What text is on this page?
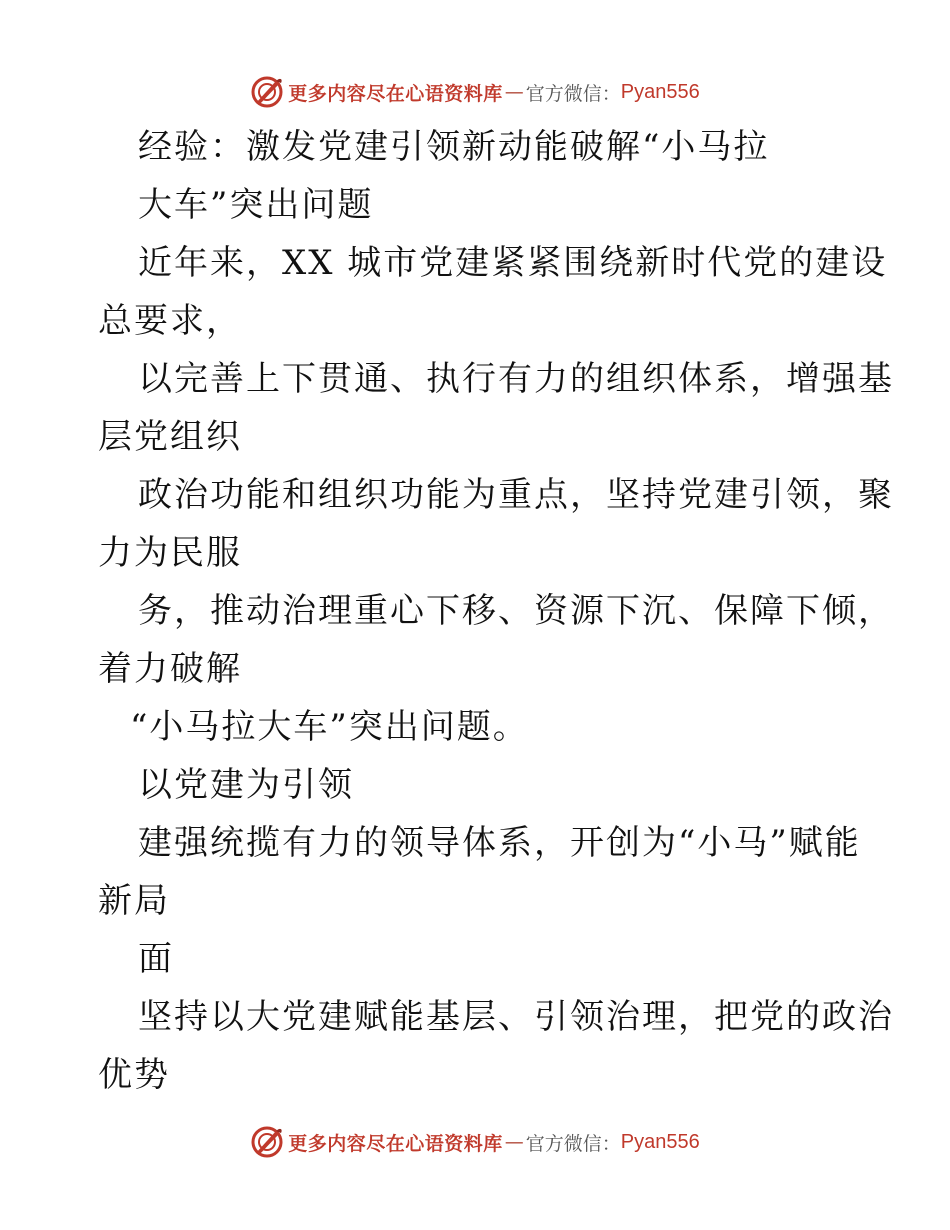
更多内容尽在心语资料库 — 官方微信： Pyan556

经验：激发党建引领新动能破解“小马拉

大车”突出问题

近年来，XX 城市党建紧紧围绕新时代党的建设

总要求，

以完善上下贯通、执行有力的组织体系，增强基

层党组织

政治功能和组织功能为重点，坚持党建引领，聚

力为民服

务，推动治理重心下移、资源下沉、保障下倾，

着力破解

“小马拉大车”突出问题。

以党建为引领

建强统揽有力的领导体系，开创为“小马”赋能

新局

面

坚持以大党建赋能基层、引领治理，把党的政治

优势

更多内容尽在心语资料库 — 官方微信： Pyan556
